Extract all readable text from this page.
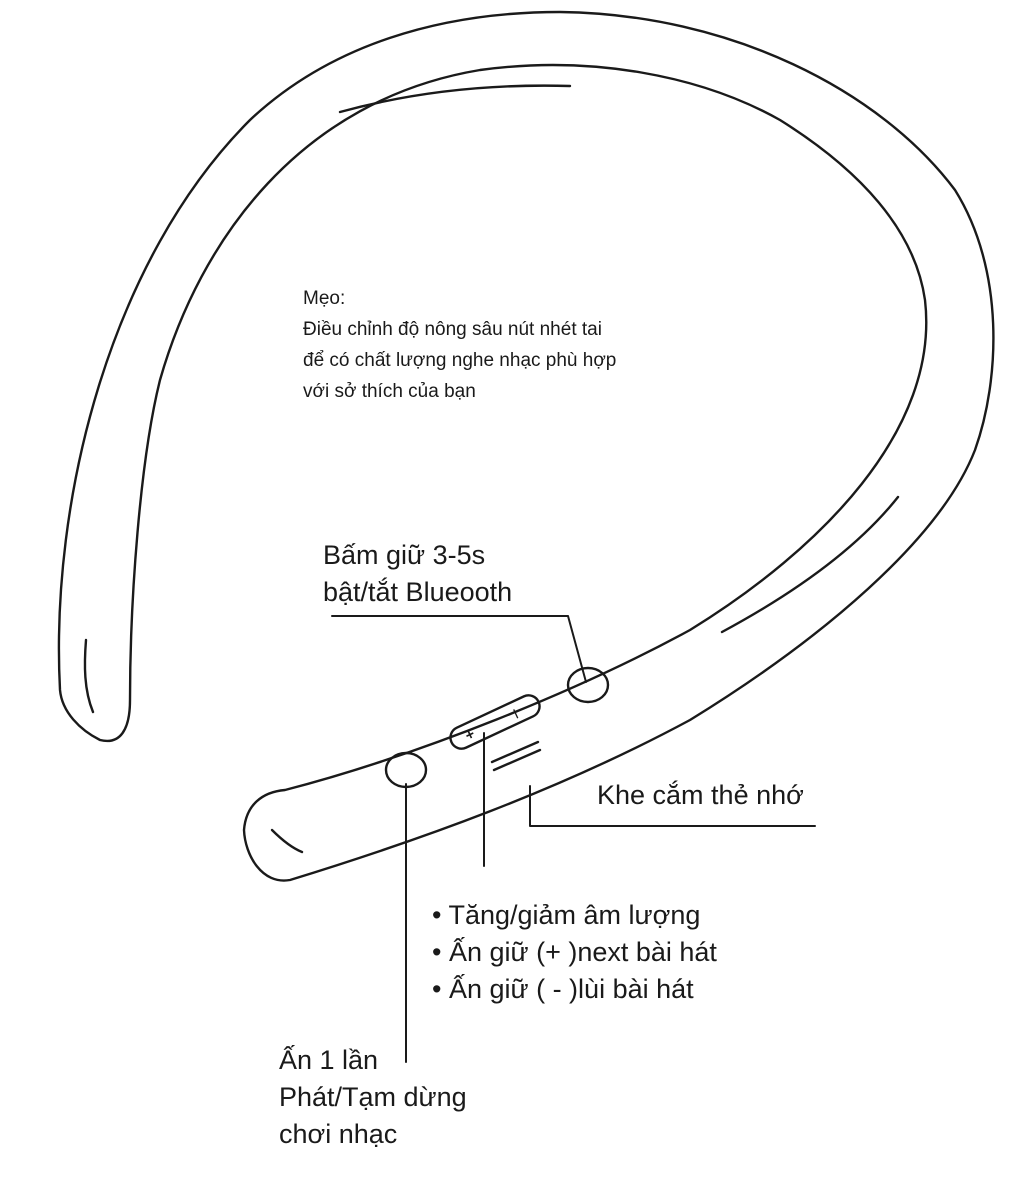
+
I
Mẹo:
Điều chỉnh độ nông sâu nút nhét tai
để có chất lượng nghe nhạc phù hợp
với sở thích của bạn
Bấm giữ 3-5s
bật/tắt Blueooth
Khe cắm thẻ nhớ
• Tăng/giảm âm lượng
• Ấn giữ (+ )next bài hát
• Ấn giữ ( - )lùi bài hát
Ấn 1 lần
Phát/Tạm dừng
chơi nhạc
